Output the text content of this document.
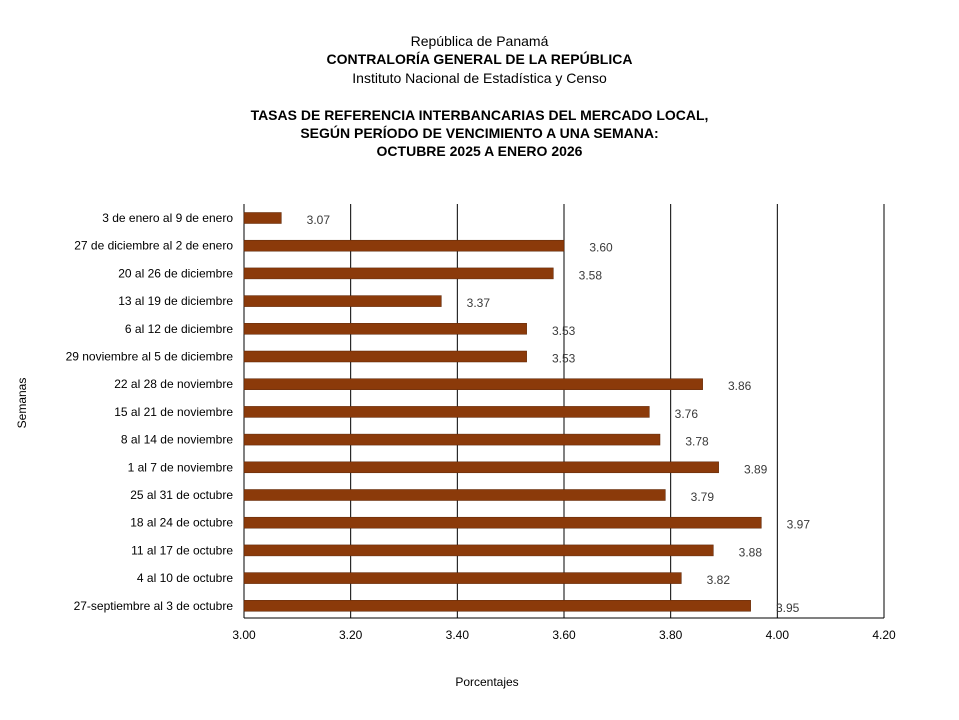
República de Panamá
CONTRALORÍA GENERAL DE LA REPÚBLICA
Instituto Nacional de Estadística y Censo
TASAS DE REFERENCIA INTERBANCARIAS DEL MERCADO LOCAL,
SEGÚN PERÍODO DE VENCIMIENTO A UNA SEMANA:
OCTUBRE 2025 A ENERO 2026
3 de enero al 9 de enero
27 de diciembre al 2 de enero
20 al 26 de diciembre
13 al 19 de diciembre
6 al 12 de diciembre
29 noviembre al 5 de diciembre
22 al 28 de noviembre
15 al 21 de noviembre
8 al 14 de noviembre
1 al 7 de noviembre
25 al 31 de octubre
18 al 24 de octubre
11 al 17 de octubre
4 al 10 de octubre
27-septiembre al 3 de octubre
3.07
3.60
3.58
3.37
3.53
3.53
3.86
3.76
3.78
3.89
3.79
3.97
3.88
3.82
3.95
3.00	3.20	3.40	3.60	3.80	4.00	4.20
Porcentajes
Semanas
